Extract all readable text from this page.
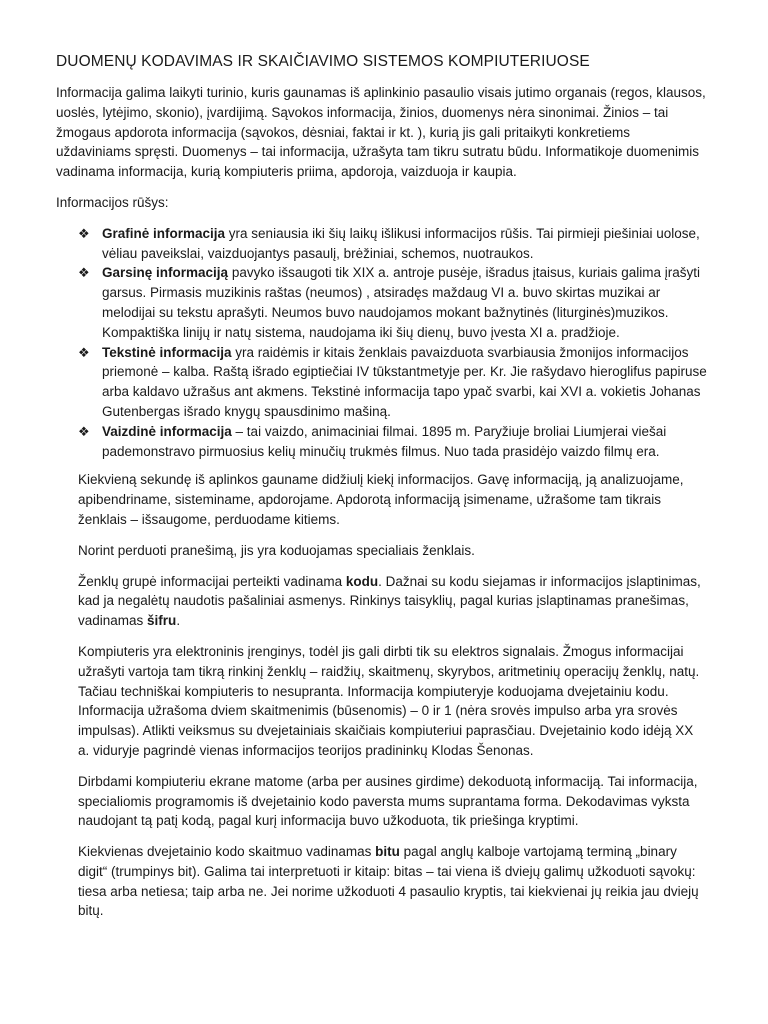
DUOMENŲ KODAVIMAS IR SKAIČIAVIMO SISTEMOS KOMPIUTERIUOSE

Informacija galima laikyti turinio, kuris gaunamas iš aplinkinio pasaulio visais jutimo organais (regos, klausos, uoslės, lytėjimo, skonio), įvardijimą. Sąvokos informacija, žinios, duomenys nėra sinonimai. Žinios – tai žmogaus apdorota informacija (sąvokos, dėsniai, faktai ir kt. ), kurią jis gali pritaikyti konkretiems uždaviniams spręsti. Duomenys – tai informacija, užrašyta tam tikru sutratu būdu. Informatikoje duomenimis vadinama informacija, kurią kompiuteris priima, apdoroja, vaizduoja ir kaupia.

Informacijos rūšys:

❖ Grafinė informacija yra seniausia iki šių laikų išlikusi informacijos rūšis. Tai pirmieji piešiniai uolose, vėliau paveikslai, vaizduojantys pasaulį, brėžiniai, schemos, nuotraukos.
❖ Garsinę informaciją pavyko išsaugoti tik XIX a. antroje pusėje, išradus įtaisus, kuriais galima įrašyti garsus. Pirmasis muzikinis raštas (neumos) , atsiradęs maždaug VI a. buvo skirtas muzikai ar melodijai su tekstu aprašyti. Neumos buvo naudojamos mokant bažnytinės (liturginės)muzikos. Kompaktiška linijų ir natų sistema, naudojama iki šių dienų, buvo įvesta XI a. pradžioje.
❖ Tekstinė informacija yra raidėmis ir kitais ženklais pavaizduota svarbiausia žmonijos informacijos priemonė – kalba. Raštą išrado egiptiečiai IV tūkstantmetyje per. Kr. Jie rašydavo hieroglifus papiruse arba kaldavo užrašus ant akmens. Tekstinė informacija tapo ypač svarbi, kai XVI a. vokietis Johanas Gutenbergas išrado knygų spausdinimo mašiną.
❖ Vaizdinė informacija – tai vaizdo, animaciniai filmai. 1895 m. Paryžiuje broliai Liumjerai viešai pademonstravo pirmuosius kelių minučių trukmės filmus. Nuo tada prasidėjo vaizdo filmų era.

Kiekvieną sekundę iš aplinkos gauname didžiulį kiekį informacijos. Gavę informaciją, ją analizuojame, apibendriname, sisteminame, apdorojame. Apdorotą informaciją įsimename, užrašome tam tikrais ženklais – išsaugome, perduodame kitiems.

Norint perduoti pranešimą, jis yra koduojamas specialiais ženklais.

Ženklų grupė informacijai perteikti vadinama kodu. Dažnai su kodu siejamas ir informacijos įslaptinimas, kad ja negalėtų naudotis pašaliniai asmenys. Rinkinys taisyklių, pagal kurias įslaptinamas pranešimas, vadinamas šifru.

Kompiuteris yra elektroninis įrenginys, todėl jis gali dirbti tik su elektros signalais. Žmogus informacijai užrašyti vartoja tam tikrą rinkinį ženklų – raidžių, skaitmenų, skyrybos, aritmetinių operacijų ženklų, natų. Tačiau techniškai kompiuteris to nesupranta. Informacija kompiuteryje koduojama dvejetainiu kodu. Informacija užrašoma dviem skaitmenimis (būsenomis) – 0 ir 1 (nėra srovės impulso arba yra srovės impulsas). Atlikti veiksmus su dvejetainiais skaičiais kompiuteriui paprasčiau. Dvejetainio kodo idėją XX a. viduryje pagrindė vienas informacijos teorijos pradininkų Klodas Šenonas.

Dirbdami kompiuteriu ekrane matome (arba per ausines girdime) dekoduotą informaciją. Tai informacija, specialiomis programomis iš dvejetainio kodo paversta mums suprantama forma. Dekodavimas vyksta naudojant tą patį kodą, pagal kurį informacija buvo užkoduota, tik priešinga kryptimi.

Kiekvienas dvejetainio kodo skaitmuo vadinamas bitu pagal anglų kalboje vartojamą terminą „binary digit“ (trumpinys bit). Galima tai interpretuoti ir kitaip: bitas – tai viena iš dviejų galimų užkoduoti sąvokų: tiesa arba netiesa; taip arba ne. Jei norime užkoduoti 4 pasaulio kryptis, tai kiekvienai jų reikia jau dviejų bitų.
